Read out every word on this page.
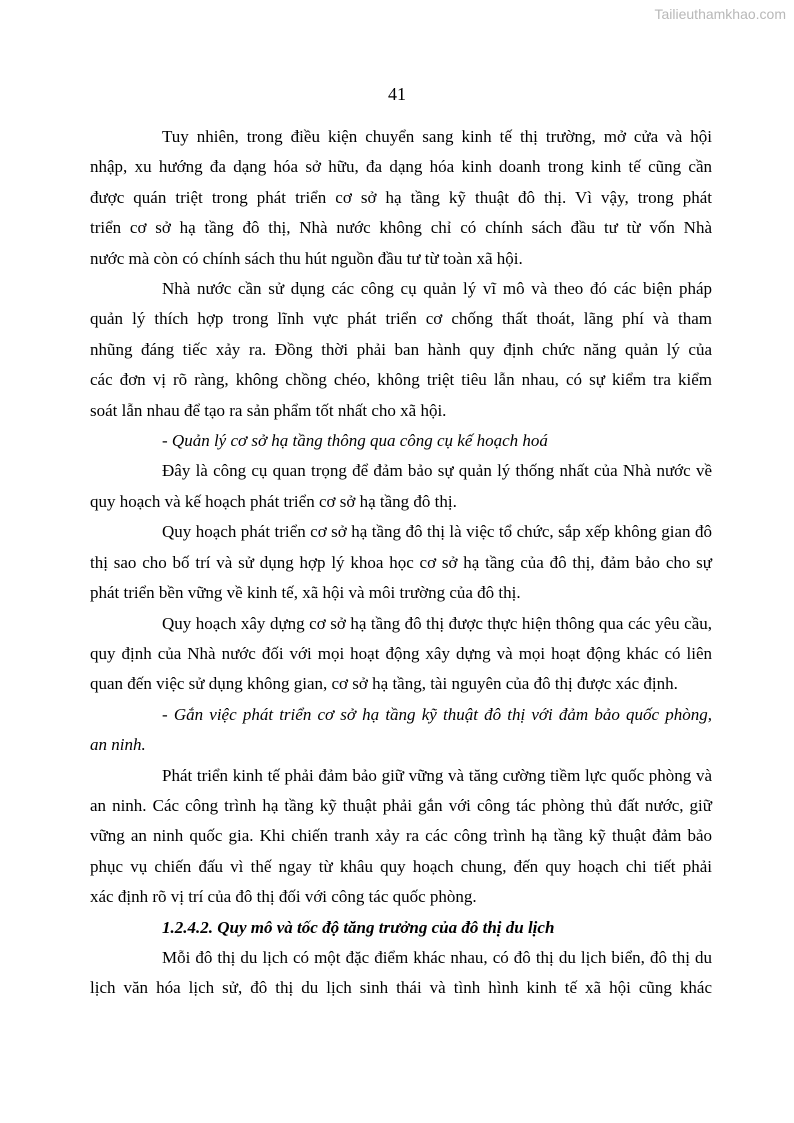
Tailieuthamkhao.com
41
Tuy nhiên, trong điều kiện chuyển sang kinh tế thị trường, mở cửa và hội
nhập, xu hướng đa dạng hóa sở hữu, đa dạng hóa kinh doanh trong kinh tế cũng cần
được quán triệt trong phát triển cơ sở hạ tầng kỹ thuật đô thị. Vì vậy, trong phát
triển cơ sở hạ tầng đô thị, Nhà nước không chỉ có chính sách đầu tư từ vốn Nhà
nước mà còn có chính sách thu hút nguồn đầu tư từ toàn xã hội.
Nhà nước cần sử dụng các công cụ quản lý vĩ mô và theo đó các biện pháp
quản lý thích hợp trong lĩnh vực phát triển cơ chống thất thoát, lãng phí và tham
nhũng đáng tiếc xảy ra. Đồng thời phải ban hành quy định chức năng quản lý của
các đơn vị rõ ràng, không chồng chéo, không triệt tiêu lẫn nhau, có sự kiểm tra kiểm
soát lẫn nhau để tạo ra sản phẩm tốt nhất cho xã hội.
- Quản lý cơ sở hạ tầng thông qua công cụ kế hoạch hoá
Đây là công cụ quan trọng để đảm bảo sự quản lý thống nhất của Nhà nước về
quy hoạch và kế hoạch phát triển cơ sở hạ tầng đô thị.
Quy hoạch phát triển cơ sở hạ tầng đô thị là việc tổ chức, sắp xếp không gian đô
thị sao cho bố trí và sử dụng hợp lý khoa học cơ sở hạ tầng của đô thị, đảm bảo cho sự
phát triển bền vững về kinh tế, xã hội và môi trường của đô thị.
Quy hoạch xây dựng cơ sở hạ tầng đô thị được thực hiện thông qua các yêu cầu,
quy định của Nhà nước đối với mọi hoạt động xây dựng và mọi hoạt động khác có liên
quan đến việc sử dụng không gian, cơ sở hạ tầng, tài nguyên của đô thị được xác định.
- Gắn việc phát triển cơ sở hạ tầng kỹ thuật đô thị với đảm bảo quốc phòng,
an ninh.
Phát triển kinh tế phải đảm bảo giữ vững và tăng cường tiềm lực quốc phòng và
an ninh. Các công trình hạ tầng kỹ thuật phải gắn với công tác phòng thủ đất nước, giữ
vững an ninh quốc gia. Khi chiến tranh xảy ra các công trình hạ tầng kỹ thuật đảm bảo
phục vụ chiến đấu vì thế ngay từ khâu quy hoạch chung, đến quy hoạch chi tiết phải
xác định rõ vị trí của đô thị đối với công tác quốc phòng.
1.2.4.2. Quy mô và tốc độ tăng trưởng của đô thị du lịch
Mỗi đô thị du lịch có một đặc điểm khác nhau, có đô thị du lịch biển, đô thị du
lịch văn hóa lịch sử, đô thị du lịch sinh thái và tình hình kinh tế xã hội cũng khác
